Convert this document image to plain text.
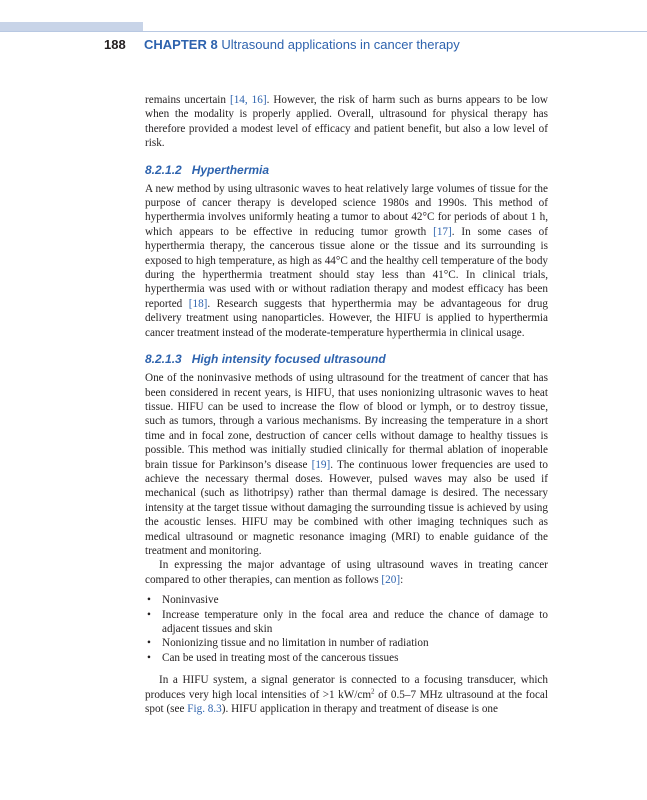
188 CHAPTER 8 Ultrasound applications in cancer therapy

remains uncertain [14, 16]. However, the risk of harm such as burns appears to be low when the modality is properly applied. Overall, ultrasound for physical therapy has therefore provided a modest level of efficacy and patient benefit, but also a low level of risk.

8.2.1.2 Hyperthermia

A new method by using ultrasonic waves to heat relatively large volumes of tissue for the purpose of cancer therapy is developed science 1980s and 1990s. This method of hyperthermia involves uniformly heating a tumor to about 42°C for periods of about 1 h, which appears to be effective in reducing tumor growth [17]. In some cases of hyperthermia therapy, the cancerous tissue alone or the tissue and its surrounding is exposed to high temperature, as high as 44°C and the healthy cell temperature of the body during the hyperthermia treatment should stay less than 41°C. In clinical trials, hyperthermia was used with or without radiation therapy and modest efficacy has been reported [18]. Research suggests that hyperthermia may be advantageous for drug delivery treatment using nanoparticles. However, the HIFU is applied to hyperthermia cancer treatment instead of the moderate-temperature hyperthermia in clinical usage.

8.2.1.3 High intensity focused ultrasound

One of the noninvasive methods of using ultrasound for the treatment of cancer that has been considered in recent years, is HIFU, that uses nonionizing ultrasonic waves to heat tissue. HIFU can be used to increase the flow of blood or lymph, or to destroy tissue, such as tumors, through a various mechanisms. By increasing the temperature in a short time and in focal zone, destruction of cancer cells without damage to healthy tissues is possible. This method was initially studied clinically for thermal ablation of inoperable brain tissue for Parkinson’s disease [19]. The continuous lower frequencies are used to achieve the necessary thermal doses. However, pulsed waves may also be used if mechanical (such as lithotripsy) rather than thermal damage is desired. The necessary intensity at the target tissue without damaging the surrounding tissue is achieved by using the acoustic lenses. HIFU may be combined with other imaging techniques such as medical ultrasound or magnetic resonance imaging (MRI) to enable guidance of the treatment and monitoring.

In expressing the major advantage of using ultrasound waves in treating cancer compared to other therapies, can mention as follows [20]:

• Noninvasive
• Increase temperature only in the focal area and reduce the chance of damage to adjacent tissues and skin
• Nonionizing tissue and no limitation in number of radiation
• Can be used in treating most of the cancerous tissues

In a HIFU system, a signal generator is connected to a focusing transducer, which produces very high local intensities of >1 $kW/cm^2$ of 0.5–7 MHz ultrasound at the focal spot (see Fig. 8.3). HIFU application in therapy and treatment of disease is one
